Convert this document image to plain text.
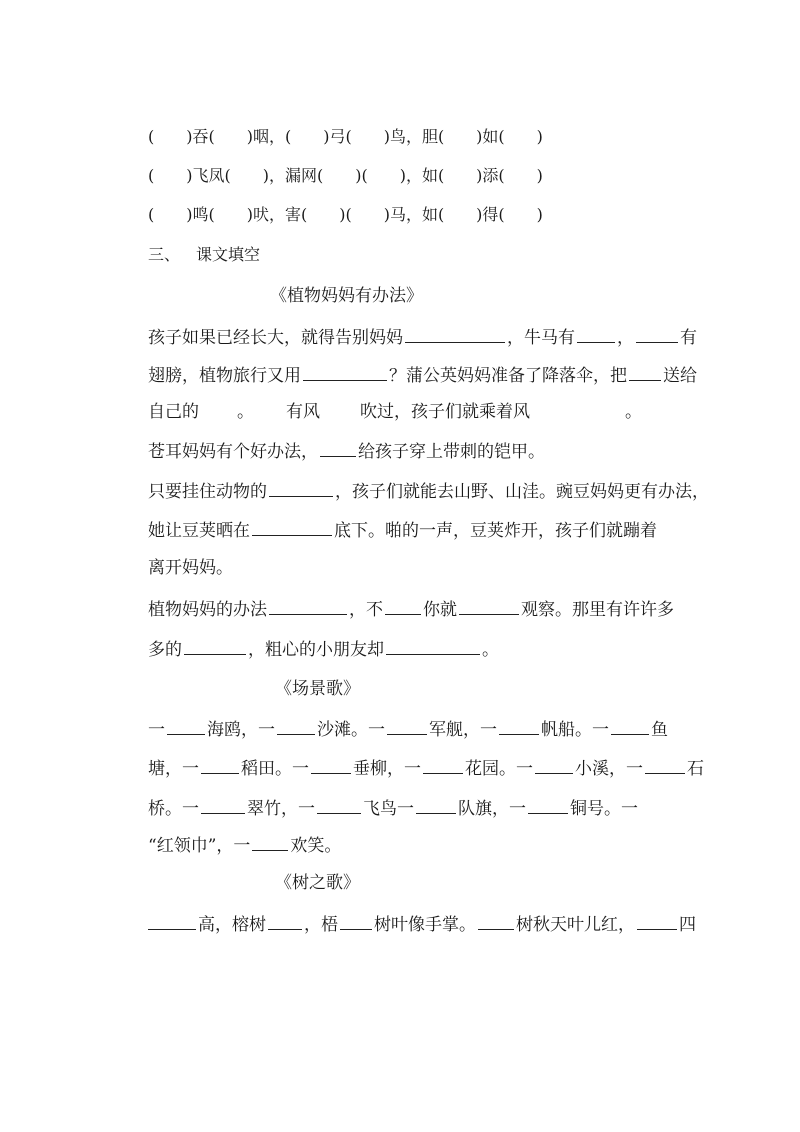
(　　)吞(　　)咽，(　　)弓(　　)鸟，胆(　　)如(　　)
(　　)飞凤(　　)，漏网(　　)(　　)，如(　　)添(　　)
(　　)鸣(　　)吠，害(　　)(　　)马，如(　　)得(　　)
三、 课文填空
《植物妈妈有办法》
孩子如果已经长大，就得告别妈妈	，牛马有 ，	有
翅膀，植物旅行又用	？蒲公英妈妈准备了降落伞，把 送给
自己的 。 有风 吹过，孩子们就乘着风	。
苍耳妈妈有个好办法， 给孩子穿上带刺的铠甲。
只要挂住动物的	，孩子们就能去山野、山洼。豌豆妈妈更有办法，
她让豆荚晒在	底下。啪的一声，豆荚炸开，孩子们就蹦着
离开妈妈。
植物妈妈的办法	，不 你就	观察。那里有许许多
多的	，粗心的小朋友却	。
《场景歌》
一 海鸥，一 沙滩。一	军舰，一	帆船。一 鱼
塘，一 稻田。一	垂柳，一	花园。一 小溪，一	石
桥。一	翠竹，一	飞鸟一	队旗，一	铜号。一
“红领巾”，一 欢笑。
《树之歌》
高，榕树 ，梧 树叶像手掌。 树秋天叶儿红，	四
